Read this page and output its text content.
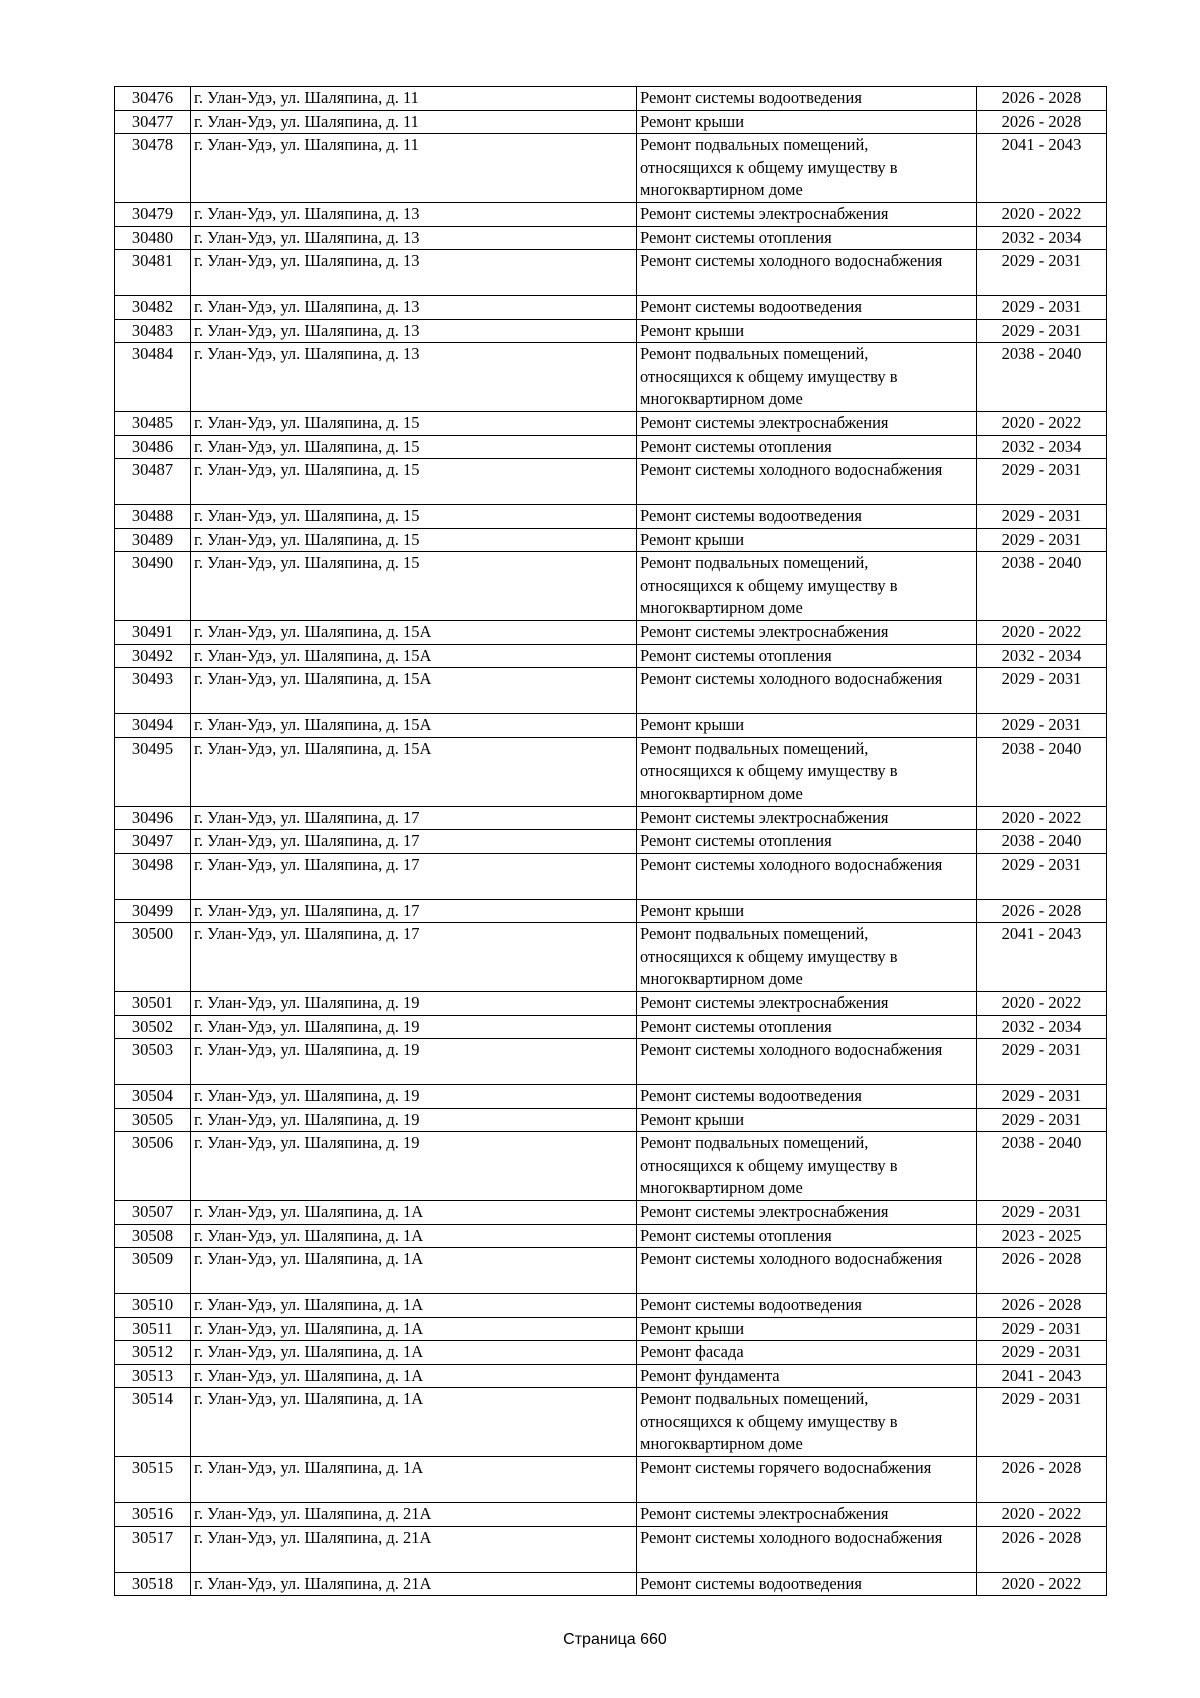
30476	г. Улан-Удэ, ул. Шаляпина, д. 11	Ремонт системы водоотведения	2026 - 2028
30477	г. Улан-Удэ, ул. Шаляпина, д. 11	Ремонт крыши	2026 - 2028
30478	г. Улан-Удэ, ул. Шаляпина, д. 11	Ремонт подвальных помещений,
относящихся к общему имуществу в
многоквартирном доме	2041 - 2043
30479	г. Улан-Удэ, ул. Шаляпина, д. 13	Ремонт системы электроснабжения	2020 - 2022
30480	г. Улан-Удэ, ул. Шаляпина, д. 13	Ремонт системы отопления	2032 - 2034
30481	г. Улан-Удэ, ул. Шаляпина, д. 13	Ремонт системы холодного водоснабжения	2029 - 2031
30482	г. Улан-Удэ, ул. Шаляпина, д. 13	Ремонт системы водоотведения	2029 - 2031
30483	г. Улан-Удэ, ул. Шаляпина, д. 13	Ремонт крыши	2029 - 2031
30484	г. Улан-Удэ, ул. Шаляпина, д. 13	Ремонт подвальных помещений,
относящихся к общему имуществу в
многоквартирном доме	2038 - 2040
30485	г. Улан-Удэ, ул. Шаляпина, д. 15	Ремонт системы электроснабжения	2020 - 2022
30486	г. Улан-Удэ, ул. Шаляпина, д. 15	Ремонт системы отопления	2032 - 2034
30487	г. Улан-Удэ, ул. Шаляпина, д. 15	Ремонт системы холодного водоснабжения	2029 - 2031
30488	г. Улан-Удэ, ул. Шаляпина, д. 15	Ремонт системы водоотведения	2029 - 2031
30489	г. Улан-Удэ, ул. Шаляпина, д. 15	Ремонт крыши	2029 - 2031
30490	г. Улан-Удэ, ул. Шаляпина, д. 15	Ремонт подвальных помещений,
относящихся к общему имуществу в
многоквартирном доме	2038 - 2040
30491	г. Улан-Удэ, ул. Шаляпина, д. 15А	Ремонт системы электроснабжения	2020 - 2022
30492	г. Улан-Удэ, ул. Шаляпина, д. 15А	Ремонт системы отопления	2032 - 2034
30493	г. Улан-Удэ, ул. Шаляпина, д. 15А	Ремонт системы холодного водоснабжения	2029 - 2031
30494	г. Улан-Удэ, ул. Шаляпина, д. 15А	Ремонт крыши	2029 - 2031
30495	г. Улан-Удэ, ул. Шаляпина, д. 15А	Ремонт подвальных помещений,
относящихся к общему имуществу в
многоквартирном доме	2038 - 2040
30496	г. Улан-Удэ, ул. Шаляпина, д. 17	Ремонт системы электроснабжения	2020 - 2022
30497	г. Улан-Удэ, ул. Шаляпина, д. 17	Ремонт системы отопления	2038 - 2040
30498	г. Улан-Удэ, ул. Шаляпина, д. 17	Ремонт системы холодного водоснабжения	2029 - 2031
30499	г. Улан-Удэ, ул. Шаляпина, д. 17	Ремонт крыши	2026 - 2028
30500	г. Улан-Удэ, ул. Шаляпина, д. 17	Ремонт подвальных помещений,
относящихся к общему имуществу в
многоквартирном доме	2041 - 2043
30501	г. Улан-Удэ, ул. Шаляпина, д. 19	Ремонт системы электроснабжения	2020 - 2022
30502	г. Улан-Удэ, ул. Шаляпина, д. 19	Ремонт системы отопления	2032 - 2034
30503	г. Улан-Удэ, ул. Шаляпина, д. 19	Ремонт системы холодного водоснабжения	2029 - 2031
30504	г. Улан-Удэ, ул. Шаляпина, д. 19	Ремонт системы водоотведения	2029 - 2031
30505	г. Улан-Удэ, ул. Шаляпина, д. 19	Ремонт крыши	2029 - 2031
30506	г. Улан-Удэ, ул. Шаляпина, д. 19	Ремонт подвальных помещений,
относящихся к общему имуществу в
многоквартирном доме	2038 - 2040
30507	г. Улан-Удэ, ул. Шаляпина, д. 1А	Ремонт системы электроснабжения	2029 - 2031
30508	г. Улан-Удэ, ул. Шаляпина, д. 1А	Ремонт системы отопления	2023 - 2025
30509	г. Улан-Удэ, ул. Шаляпина, д. 1А	Ремонт системы холодного водоснабжения	2026 - 2028
30510	г. Улан-Удэ, ул. Шаляпина, д. 1А	Ремонт системы водоотведения	2026 - 2028
30511	г. Улан-Удэ, ул. Шаляпина, д. 1А	Ремонт крыши	2029 - 2031
30512	г. Улан-Удэ, ул. Шаляпина, д. 1А	Ремонт фасада	2029 - 2031
30513	г. Улан-Удэ, ул. Шаляпина, д. 1А	Ремонт фундамента	2041 - 2043
30514	г. Улан-Удэ, ул. Шаляпина, д. 1А	Ремонт подвальных помещений,
относящихся к общему имуществу в
многоквартирном доме	2029 - 2031
30515	г. Улан-Удэ, ул. Шаляпина, д. 1А	Ремонт системы горячего водоснабжения	2026 - 2028
30516	г. Улан-Удэ, ул. Шаляпина, д. 21А	Ремонт системы электроснабжения	2020 - 2022
30517	г. Улан-Удэ, ул. Шаляпина, д. 21А	Ремонт системы холодного водоснабжения	2026 - 2028
30518	г. Улан-Удэ, ул. Шаляпина, д. 21А	Ремонт системы водоотведения	2020 - 2022
Страница 660
